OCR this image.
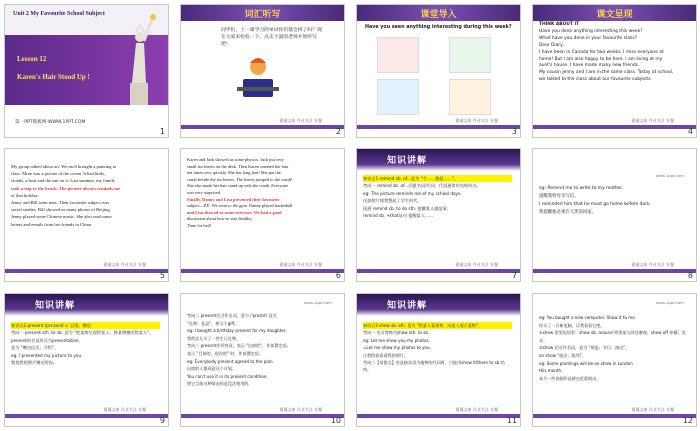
Unit 2 My Favourite School Subject
Lesson 12
Karen's Hair Stood Up !
第一PPT模板网-WWW.1PPT.COM
1
词汇听写
同学们，上一课学习的单词你们都会拼了吗？现在大家来检验一下，点击下面的老师开始听写吧！
精通文体 作业关注 专题
2
课堂导入
Have you seen anything interesting during this week?
精通文体 作业关注 专题
3
课文呈现
THINK ABOUT IT
Have you done anything interesting this week?
What have you done in your favourite class?
Dear Diary,
I have been in Canada for two weeks. I miss everyone at
home! But I am also happy to be here. I am living at my
aunt's house. I have made many new friends.
My cousin Jenny and I are in the same class. Today at school,
we talked to the class about our favourite subjects.
精通文体 作业关注 专题
4
My group talked about art. We each brought a painting to
class. Mine was a picture of the ocean. It had birds,
clouds, a boat and the sun on it. Last summer, my family
took a trip to the beach. The picture always reminds me
of that holiday.
Jenny and Bill went next. Their favourite subject was
social studies. Bill showed us many photos of Beijing.
Jenny played some Chinese music. She also read some
letters and emails from her friends in China.
精通文体 作业关注 专题
5
Karen and Jack showed us some physics. Jack put very
small tea leaves on the desk. Then Karen combed her hair
ten times very quickly. She has long hair! She put the
comb beside the tea leaves. The leaves jumped to the comb!
She also made her hair stand up with the comb. Everyone
was very surprised.
Finally, Danny and Lisa presented their favourite
subject—P.E. We went to the gym. Danny played basketball
and Lisa showed us some exercises. We had a good
discussion about how to stay healthy.
Time for bed!
精通文体 作业关注 专题
6
知识讲解
知识点1 remind sb. of...意为 "令……想起……"。
考向一 remind sb. of...后跟名词/代词，代词通常用宾格形式。
eg: The picture reminds me of my school days.
这张照片使我想起了学生时代。
拓展 remind sb. to do sth. 提醒某人做某事；
remind sb. +that从句 提醒某人……
精通文体 作业关注 专题
7
www.1ppt.com
eg: Remind me to write to my mother.
提醒我给母亲写信。
I reminded him that he must go home before dark.
我提醒他必须在天黑前回家。
精通文体 作业关注 专题
8
知识讲解
知识点2 present /prɪˈzent/ v. 呈现；赠送
考向一 present sth. to sb. 意为 "把某物呈现给某人；将某物赠送给某人"。present的名词形式为presentation。
意为 "赠送仪式；介绍"。
eg: I presented my picture to you.
我把我的照片赠送给你。
精通文体 作业关注 专题
9
www.1ppt.com
考向二 present还可作名词，意为 /ˈpreznt/ 意为
"礼物；礼品"，相当于gift。
eg: I bought a birthday present for my daughter.
我给女儿买了一件生日礼物。
考向三 present作形容词，表示 "出席的"，作前置定语。
表示 "目前的，现存的" 时，作前置定语。
eg: Everybody present agreed to the plan.
出席的人都同意这个计划。
You can't use it in its present condition.
照它目前这种情况你是没法使用的。
精通文体 作业关注 专题
10
知识讲解
知识点3 show sb. sth. 意为 "给某人看某物；向某人展示某物"。
考向一 也可替换为show sth. to sb.
eg: Let me show you my photos.
=Let me show my photos to you.
让我给你看看我的照片。
考向二【易错点】若直接宾语为指物的代词时，只能用show it/them to sb.结构。
精通文体 作业关注 专题
11
www.1ppt.com
eg: You bought a new computer. Show it to me.
你买了一台新电脑，让我看看它吧。
①show 常见短语有：show sb. around 带领某人四处参观；show off 炫耀；卖弄。
②show 还可作名词，意为 "展览；节目；演出"。
on show "展出；陈列"。
eg: Some paintings will be on show in London
this month.
本月一些油画作品将在伦敦展出。
精通文体 作业关注 专题
12
